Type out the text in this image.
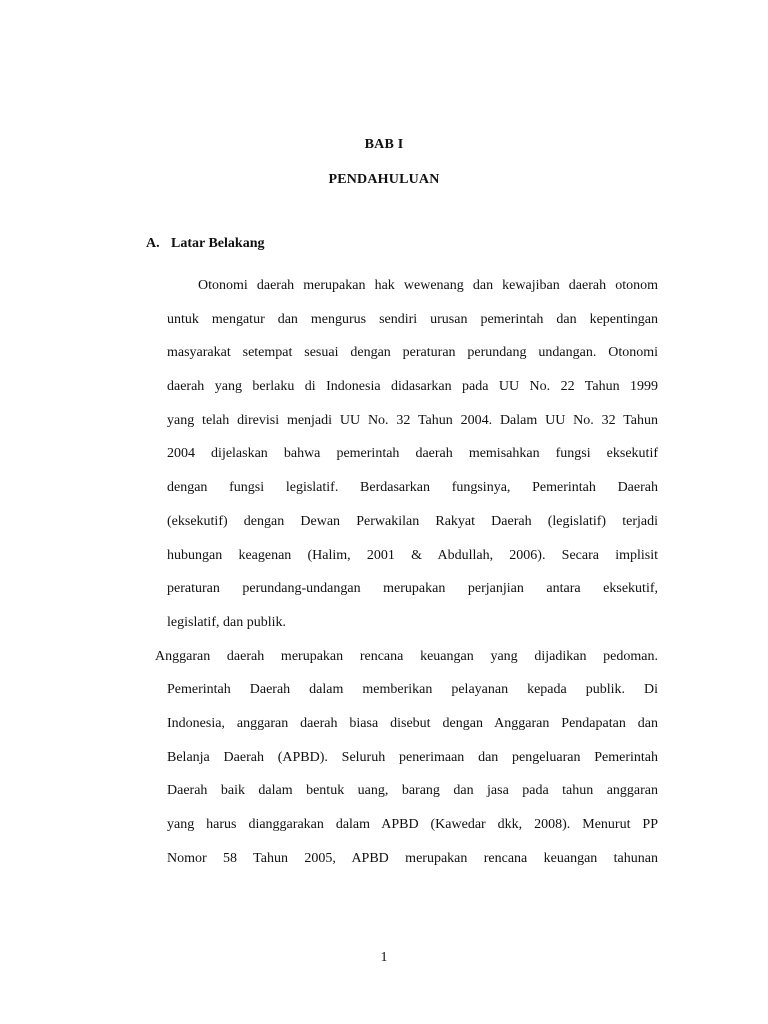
BAB I
PENDAHULUAN
A. Latar Belakang
Otonomi daerah merupakan hak wewenang dan kewajiban daerah otonom
untuk mengatur dan mengurus sendiri urusan pemerintah dan kepentingan
masyarakat setempat sesuai dengan peraturan perundang undangan. Otonomi
daerah yang berlaku di Indonesia didasarkan pada UU No. 22 Tahun 1999
yang telah direvisi menjadi UU No. 32 Tahun 2004. Dalam UU No. 32 Tahun
2004 dijelaskan bahwa pemerintah daerah memisahkan fungsi eksekutif
dengan fungsi legislatif. Berdasarkan fungsinya, Pemerintah Daerah
(eksekutif) dengan Dewan Perwakilan Rakyat Daerah (legislatif) terjadi
hubungan keagenan (Halim, 2001 & Abdullah, 2006). Secara implisit
peraturan perundang-undangan merupakan perjanjian antara eksekutif,
legislatif, dan publik.
Anggaran daerah merupakan rencana keuangan yang dijadikan pedoman.
Pemerintah Daerah dalam memberikan pelayanan kepada publik. Di
Indonesia, anggaran daerah biasa disebut dengan Anggaran Pendapatan dan
Belanja Daerah (APBD). Seluruh penerimaan dan pengeluaran Pemerintah
Daerah baik dalam bentuk uang, barang dan jasa pada tahun anggaran
yang harus dianggarakan dalam APBD (Kawedar dkk, 2008). Menurut PP
Nomor 58 Tahun 2005, APBD merupakan rencana keuangan tahunan
1
